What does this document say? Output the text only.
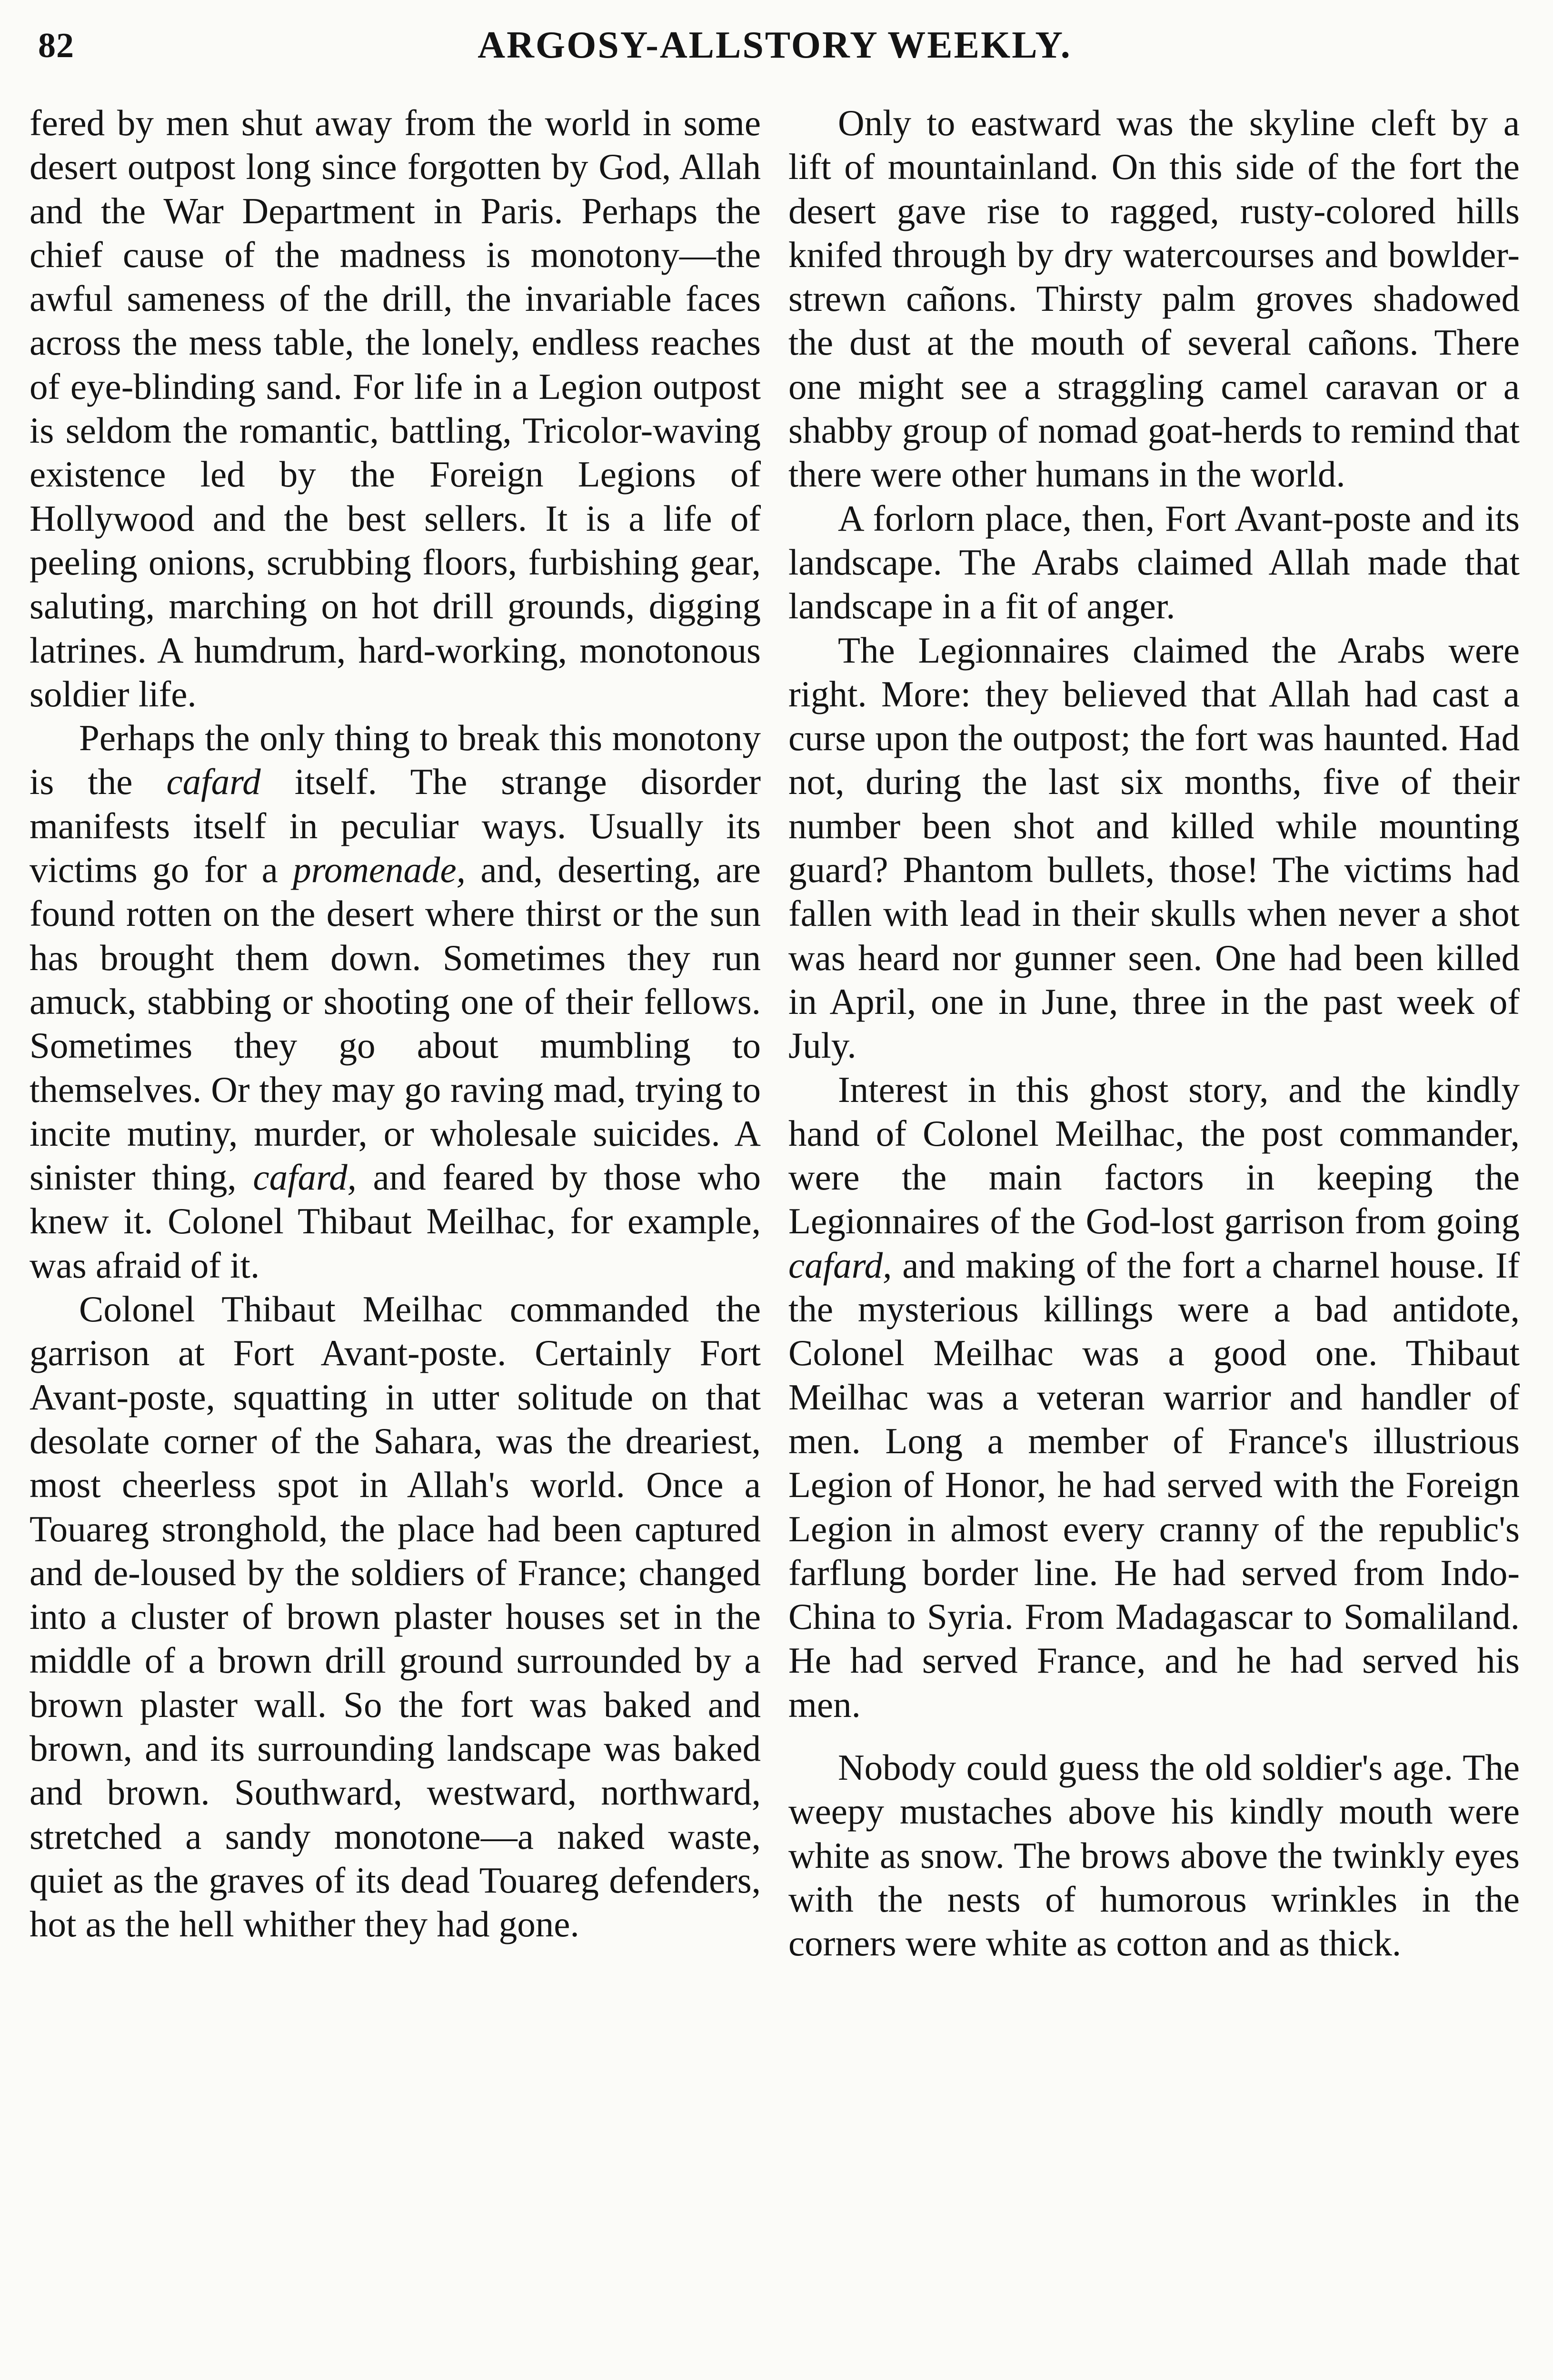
82	ARGOSY-ALLSTORY WEEKLY.

fered by men shut away from the world in some desert outpost long since forgotten by God, Allah and the War Department in Paris. Perhaps the chief cause of the madness is monotony—the awful sameness of the drill, the invariable faces across the mess table, the lonely, endless reaches of eye-blinding sand. For life in a Legion outpost is seldom the romantic, battling, Tricolor-waving existence led by the Foreign Legions of Hollywood and the best sellers. It is a life of peeling onions, scrubbing floors, furbishing gear, saluting, marching on hot drill grounds, digging latrines. A humdrum, hard-working, monotonous soldier life.

Perhaps the only thing to break this monotony is the cafard itself. The strange disorder manifests itself in peculiar ways. Usually its victims go for a promenade, and, deserting, are found rotten on the desert where thirst or the sun has brought them down. Sometimes they run amuck, stabbing or shooting one of their fellows. Sometimes they go about mumbling to themselves. Or they may go raving mad, trying to incite mutiny, murder, or wholesale suicides. A sinister thing, cafard, and feared by those who knew it. Colonel Thibaut Meilhac, for example, was afraid of it.

Colonel Thibaut Meilhac commanded the garrison at Fort Avant-poste. Certainly Fort Avant-poste, squatting in utter solitude on that desolate corner of the Sahara, was the dreariest, most cheerless spot in Allah's world. Once a Touareg stronghold, the place had been captured and de-loused by the soldiers of France; changed into a cluster of brown plaster houses set in the middle of a brown drill ground surrounded by a brown plaster wall. So the fort was baked and brown, and its surrounding landscape was baked and brown. Southward, westward, northward, stretched a sandy monotone—a naked waste, quiet as the graves of its dead Touareg defenders, hot as the hell whither they had gone.

Only to eastward was the skyline cleft by a lift of mountainland. On this side of the fort the desert gave rise to ragged, rusty-colored hills knifed through by dry watercourses and bowlder-strewn cañons. Thirsty palm groves shadowed the dust at the mouth of several cañons. There one might see a straggling camel caravan or a shabby group of nomad goat-herds to remind that there were other humans in the world.

A forlorn place, then, Fort Avant-poste and its landscape. The Arabs claimed Allah made that landscape in a fit of anger.

The Legionnaires claimed the Arabs were right. More: they believed that Allah had cast a curse upon the outpost; the fort was haunted. Had not, during the last six months, five of their number been shot and killed while mounting guard? Phantom bullets, those! The victims had fallen with lead in their skulls when never a shot was heard nor gunner seen. One had been killed in April, one in June, three in the past week of July.

Interest in this ghost story, and the kindly hand of Colonel Meilhac, the post commander, were the main factors in keeping the Legionnaires of the God-lost garrison from going cafard, and making of the fort a charnel house. If the mysterious killings were a bad antidote, Colonel Meilhac was a good one. Thibaut Meilhac was a veteran warrior and handler of men. Long a member of France's illustrious Legion of Honor, he had served with the Foreign Legion in almost every cranny of the republic's farflung border line. He had served from Indo-China to Syria. From Madagascar to Somaliland. He had served France, and he had served his men.

Nobody could guess the old soldier's age. The weepy mustaches above his kindly mouth were white as snow. The brows above the twinkly eyes with the nests of humorous wrinkles in the corners were white as cotton and as thick.
